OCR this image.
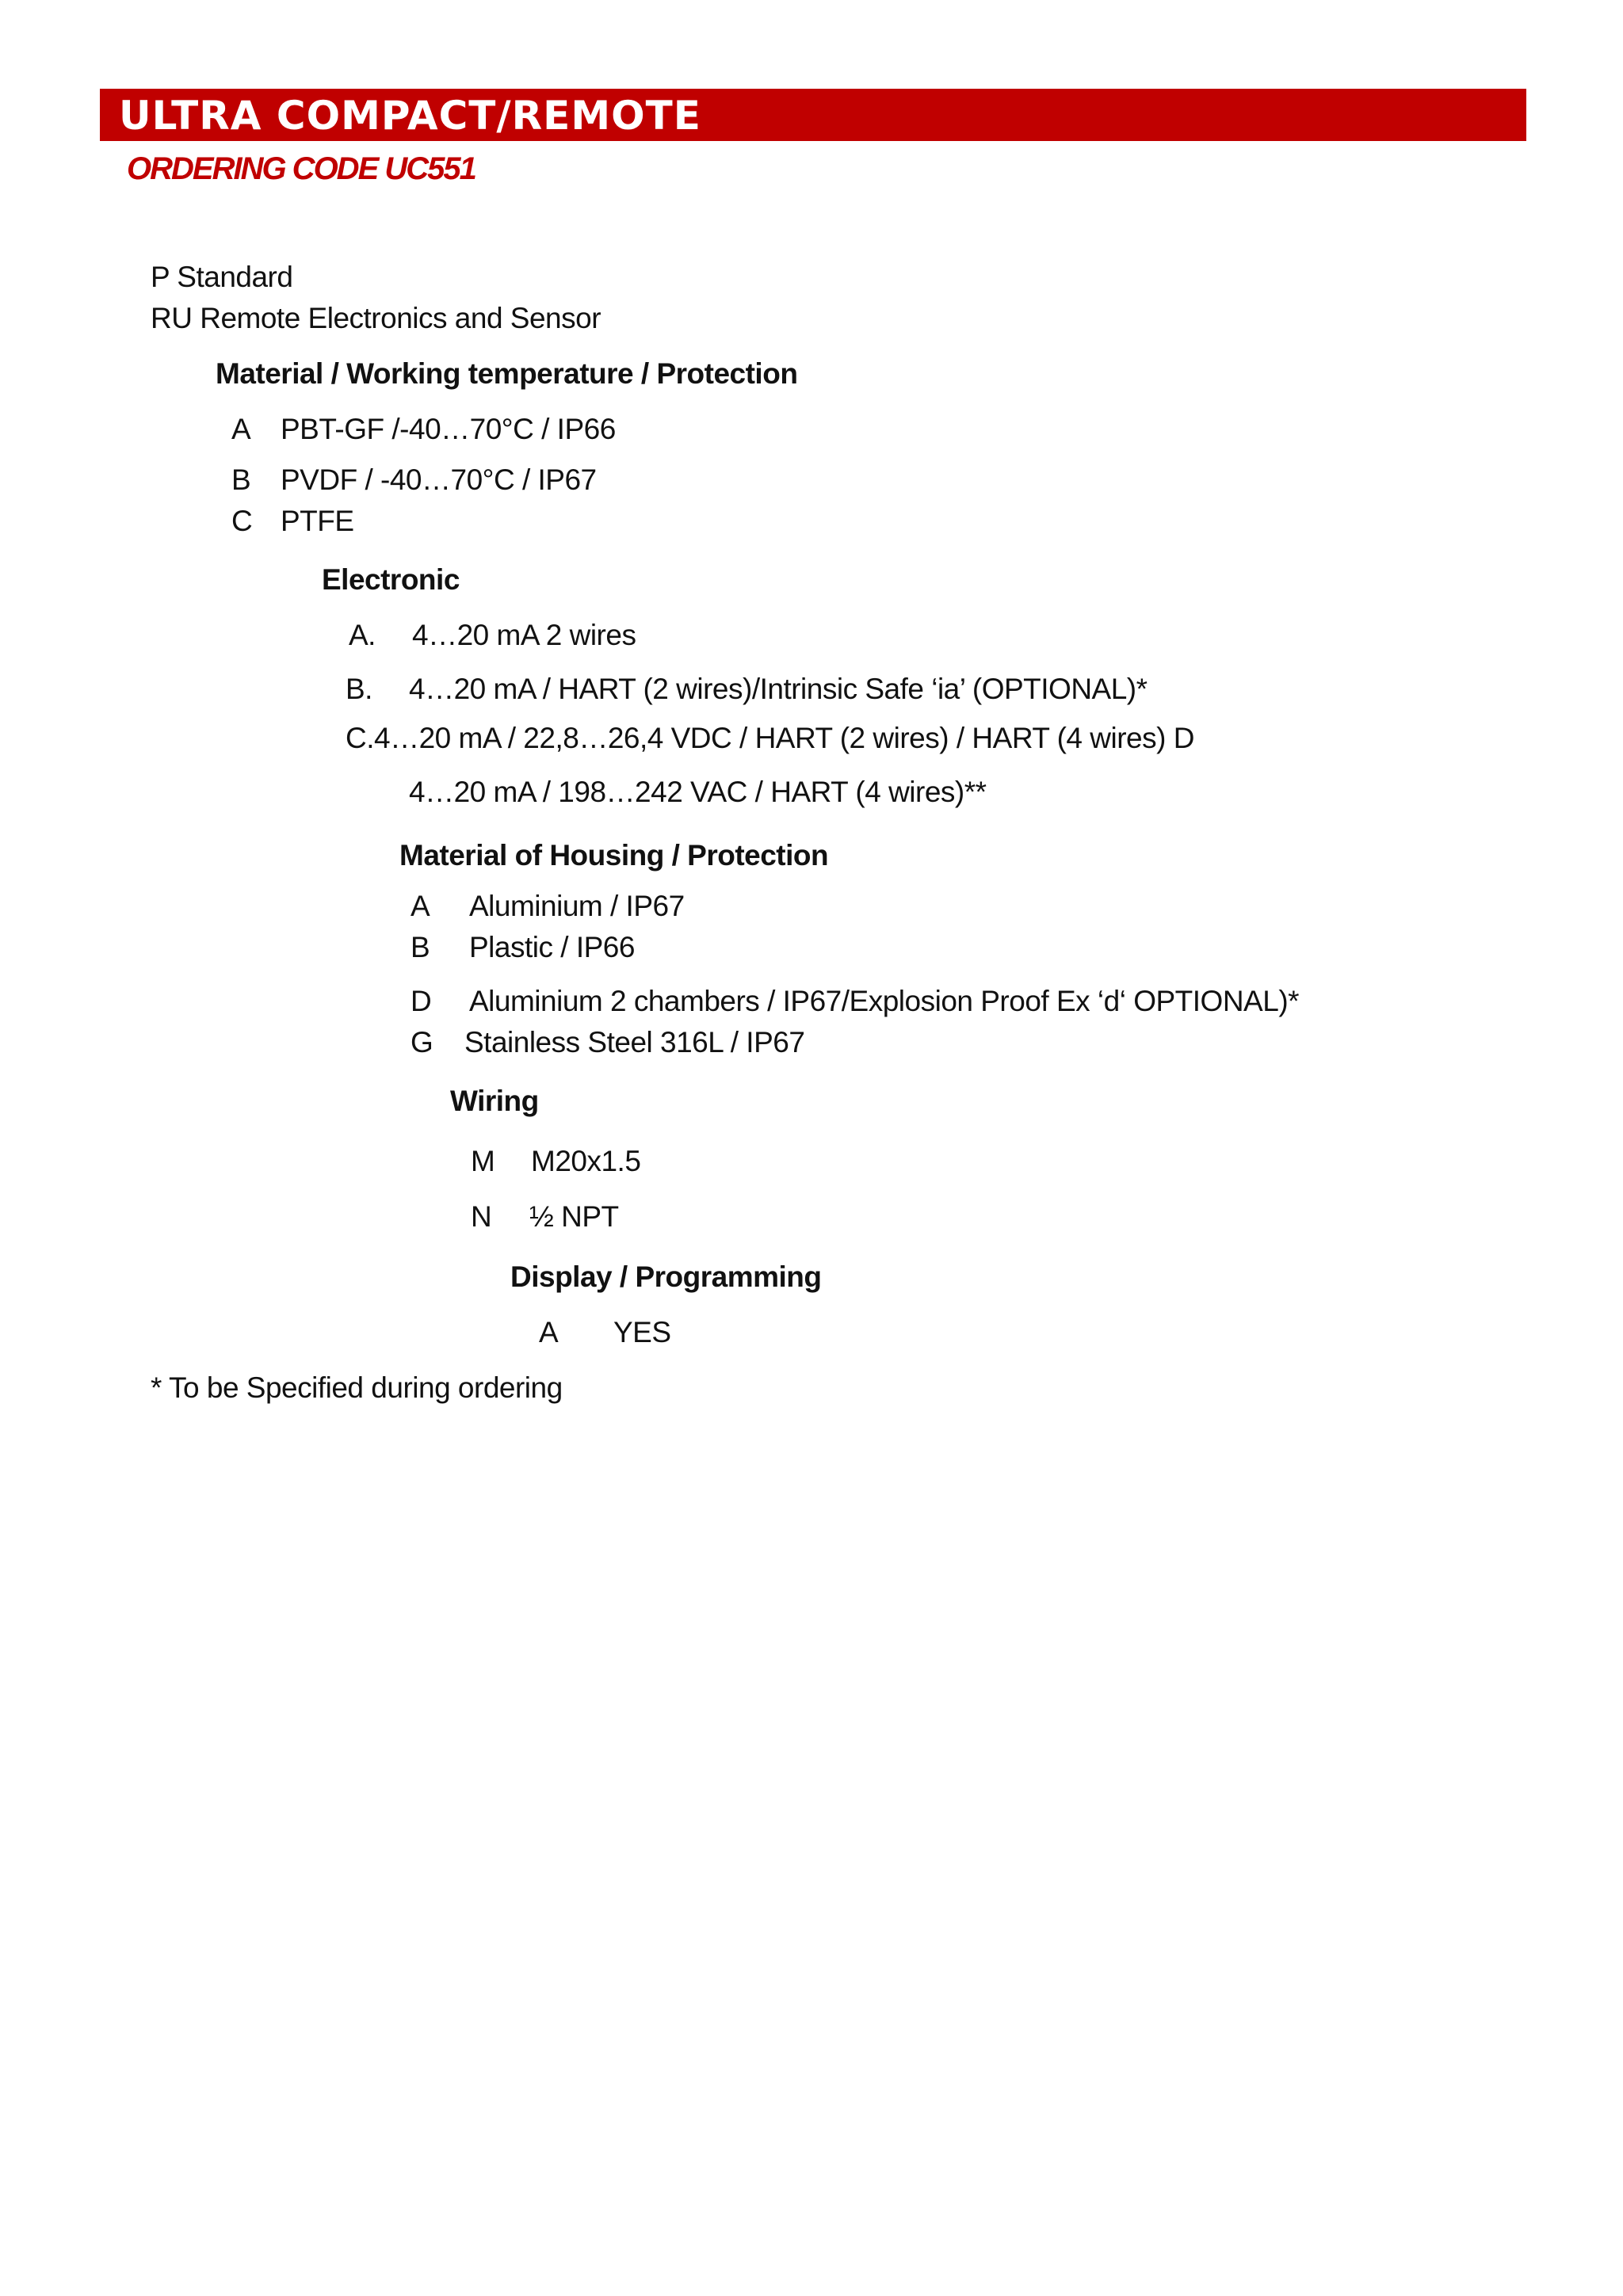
ULTRA COMPACT/REMOTE
ORDERING CODE UC551
P Standard
RU Remote Electronics and Sensor
Material / Working temperature / Protection
A PBT-GF /-40…70°C / IP66
B PVDF / -40…70°C / IP67
C PTFE
Electronic
A. 4…20 mA 2 wires
B. 4…20 mA / HART (2 wires)/Intrinsic Safe ‘ia’ (OPTIONAL)*
C.4…20 mA / 22,8…26,4 VDC / HART (2 wires) / HART (4 wires) D
4…20 mA / 198…242 VAC / HART (4 wires)**
Material of Housing / Protection
A Aluminium / IP67
B Plastic / IP66
D Aluminium 2 chambers / IP67/Explosion Proof Ex ‘d‘ OPTIONAL)*
G Stainless Steel 316L / IP67
Wiring
M M20x1.5
N ½ NPT
Display / Programming
A YES
* To be Specified during ordering
